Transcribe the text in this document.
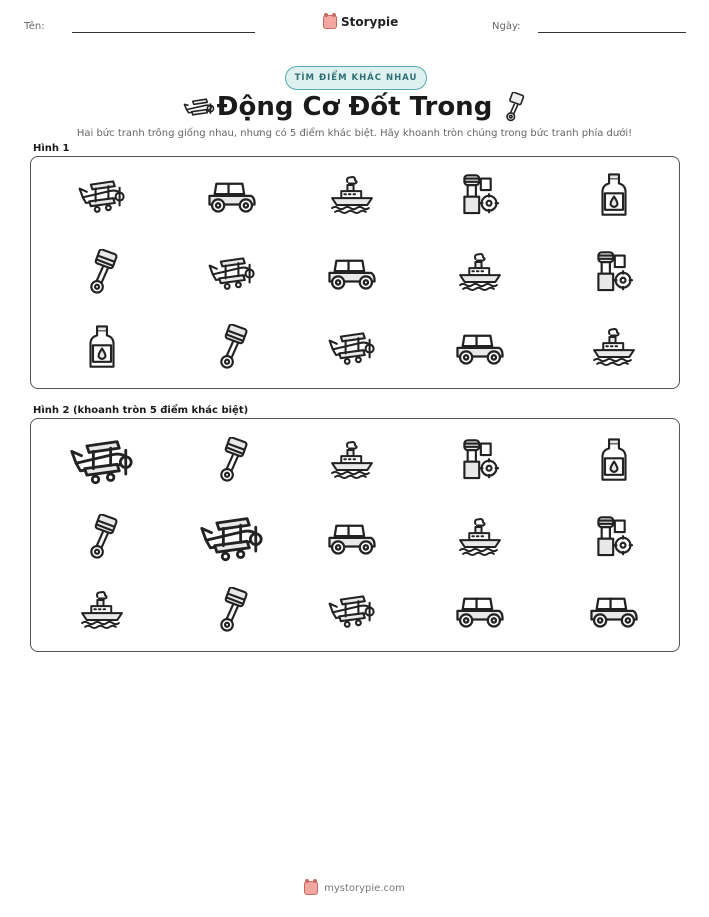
Tên:	Storypie	Ngày:
TÌM ĐIỂM KHÁC NHAU
Động Cơ Đốt Trong
Hai bức tranh trông giống nhau, nhưng có 5 điểm khác biệt. Hãy khoanh tròn chúng trong bức tranh phía dưới!
Hình 1
Hình 2 (khoanh tròn 5 điểm khác biệt)
mystorypie.com
